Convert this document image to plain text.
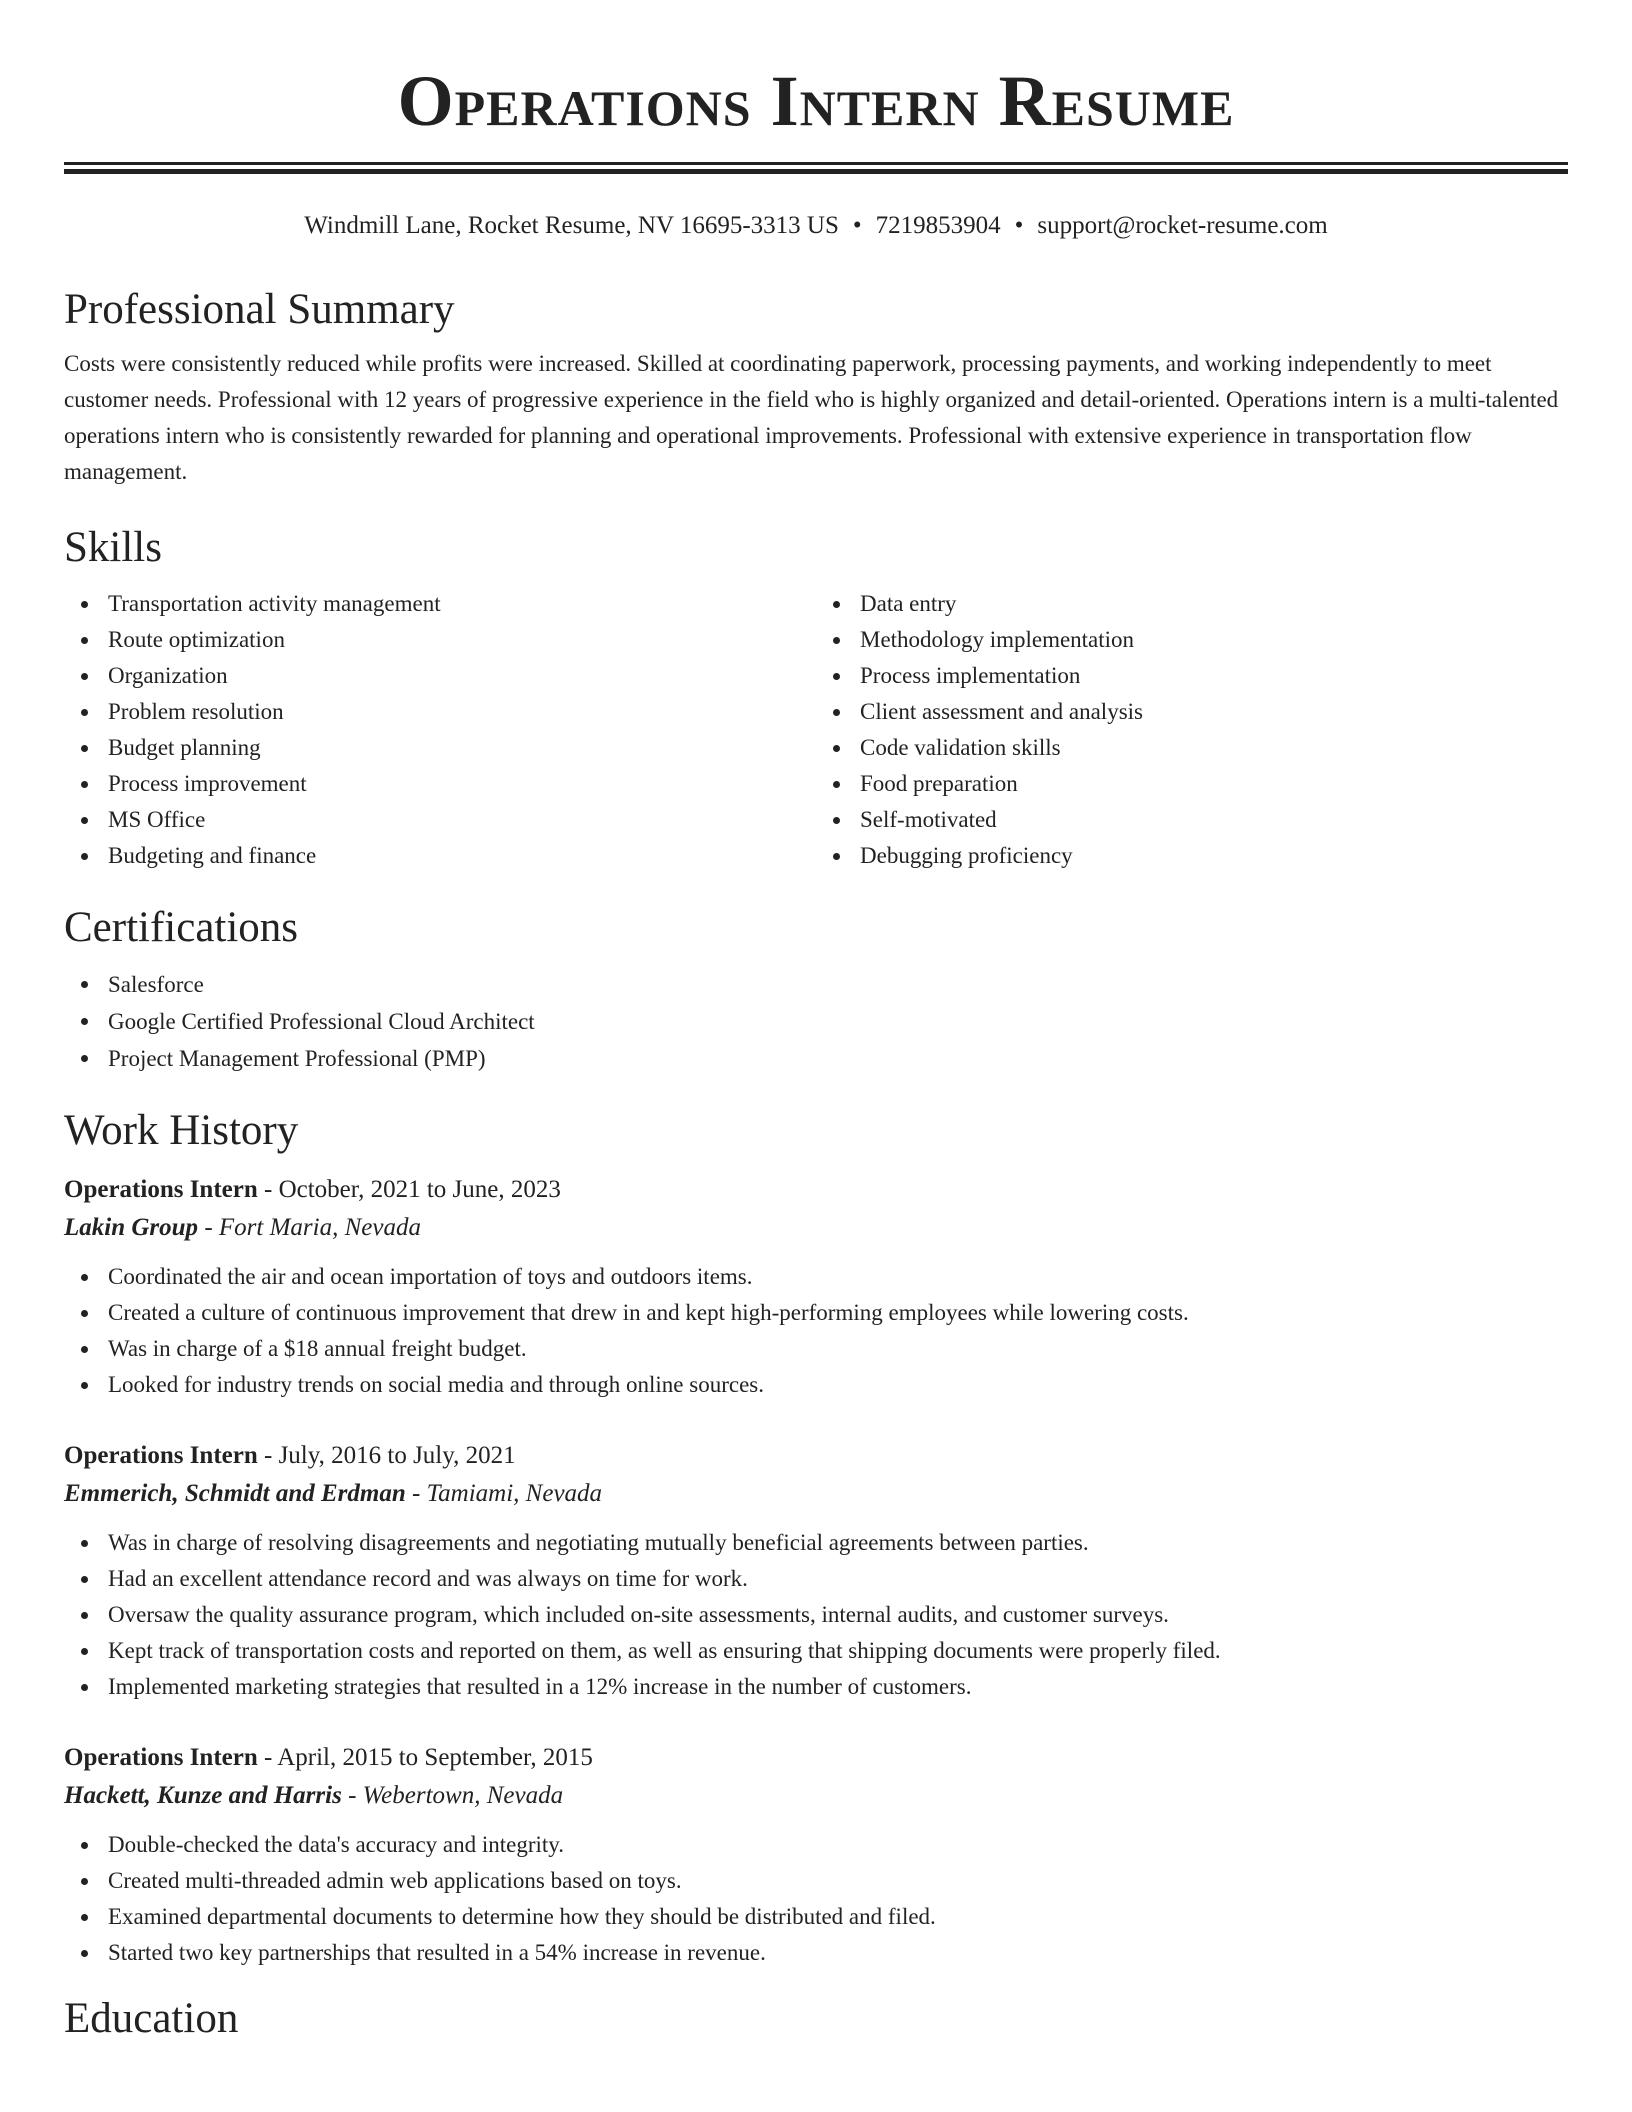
Operations Intern Resume
Windmill Lane, Rocket Resume, NV 16695-3313 US • 7219853904 • support@rocket-resume.com
Professional Summary

Costs were consistently reduced while profits were increased. Skilled at coordinating paperwork, processing payments, and working independently to meet customer needs. Professional with 12 years of progressive experience in the field who is highly organized and detail-oriented. Operations intern is a multi-talented operations intern who is consistently rewarded for planning and operational improvements. Professional with extensive experience in transportation flow management.

Skills
Transportation activity management
Route optimization
Organization
Problem resolution
Budget planning
Process improvement
MS Office
Budgeting and finance
Data entry
Methodology implementation
Process implementation
Client assessment and analysis
Code validation skills
Food preparation
Self-motivated
Debugging proficiency
Certifications
Salesforce
Google Certified Professional Cloud Architect
Project Management Professional (PMP)
Work History
Operations Intern - October, 2021 to June, 2023
Lakin Group - Fort Maria, Nevada
Coordinated the air and ocean importation of toys and outdoors items.
Created a culture of continuous improvement that drew in and kept high-performing employees while lowering costs.
Was in charge of a $18 annual freight budget.
Looked for industry trends on social media and through online sources.
Operations Intern - July, 2016 to July, 2021
Emmerich, Schmidt and Erdman - Tamiami, Nevada
Was in charge of resolving disagreements and negotiating mutually beneficial agreements between parties.
Had an excellent attendance record and was always on time for work.
Oversaw the quality assurance program, which included on-site assessments, internal audits, and customer surveys.
Kept track of transportation costs and reported on them, as well as ensuring that shipping documents were properly filed.
Implemented marketing strategies that resulted in a 12% increase in the number of customers.
Operations Intern - April, 2015 to September, 2015
Hackett, Kunze and Harris - Webertown, Nevada
Double-checked the data's accuracy and integrity.
Created multi-threaded admin web applications based on toys.
Examined departmental documents to determine how they should be distributed and filed.
Started two key partnerships that resulted in a 54% increase in revenue.
Education
